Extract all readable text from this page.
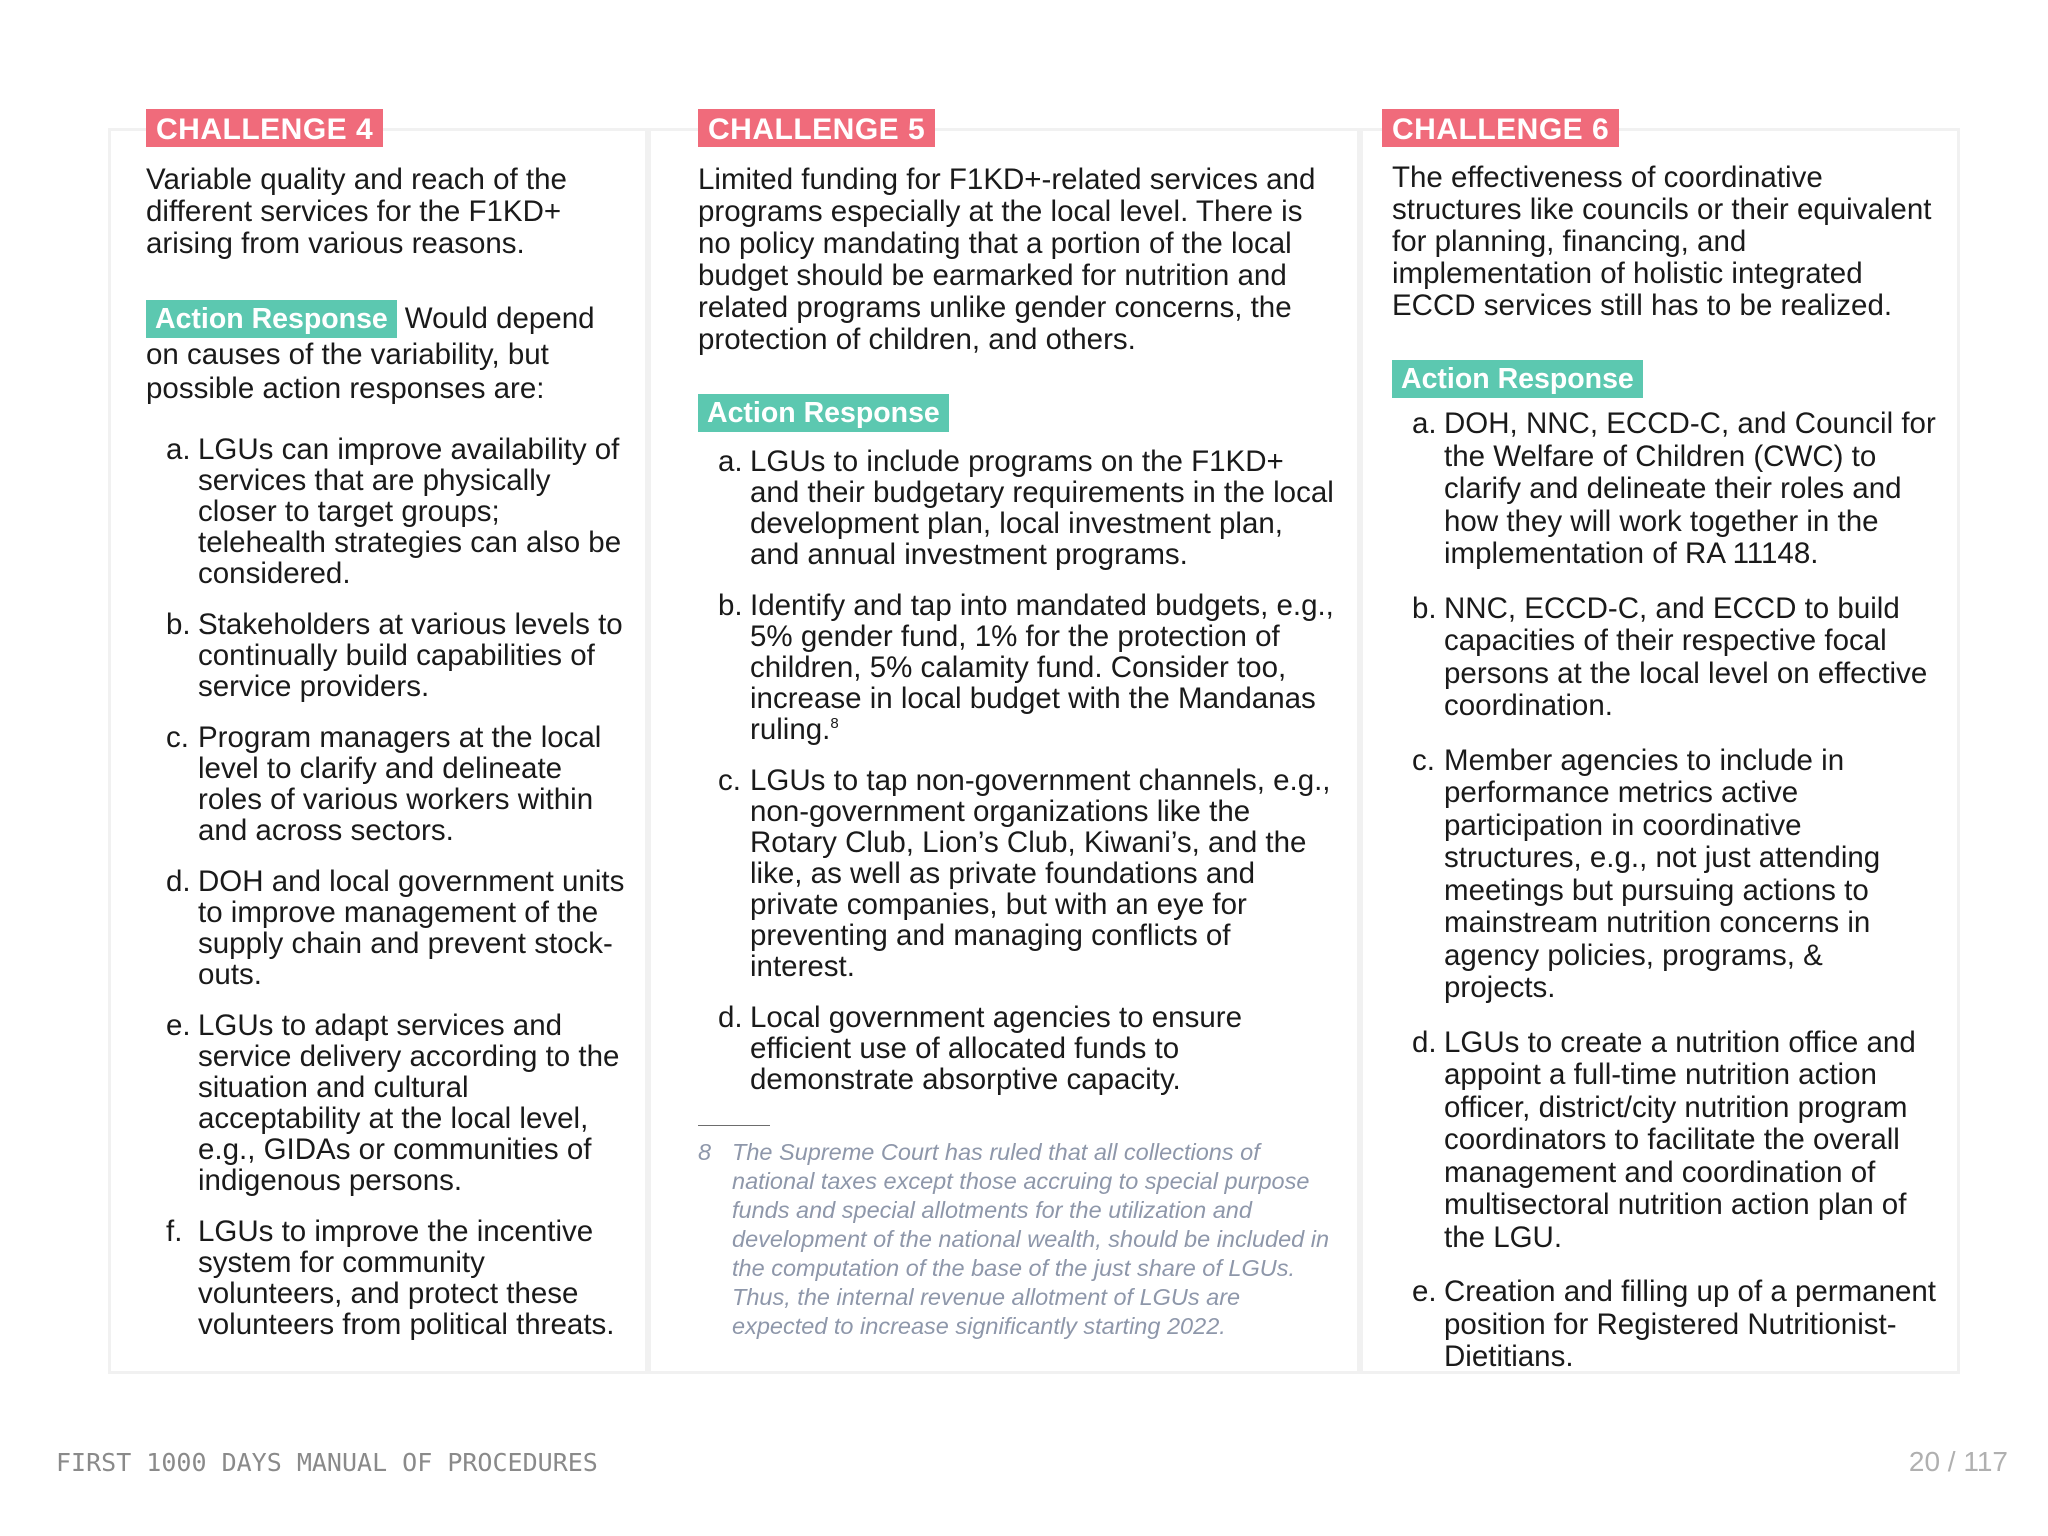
CHALLENGE 4	CHALLENGE 5	CHALLENGE 6

Variable quality and reach of the different services for the F1KD+ arising from various reasons.

Action Response Would depend on causes of the variability, but possible action responses are:

a. LGUs can improve availability of services that are physically closer to target groups; telehealth strategies can also be considered.
b. Stakeholders at various levels to continually build capabilities of service providers.
c. Program managers at the local level to clarify and delineate roles of various workers within and across sectors.
d. DOH and local government units to improve management of the supply chain and prevent stock-outs.
e. LGUs to adapt services and service delivery according to the situation and cultural acceptability at the local level, e.g., GIDAs or communities of indigenous persons.
f. LGUs to improve the incentive system for community volunteers, and protect these volunteers from political threats.

Limited funding for F1KD+-related services and programs especially at the local level. There is no policy mandating that a portion of the local budget should be earmarked for nutrition and related programs unlike gender concerns, the protection of children, and others.

Action Response
a. LGUs to include programs on the F1KD+ and their budgetary requirements in the local development plan, local investment plan, and annual investment programs.
b. Identify and tap into mandated budgets, e.g., 5% gender fund, 1% for the protection of children, 5% calamity fund. Consider too, increase in local budget with the Mandanas ruling.$^8$
c. LGUs to tap non-government channels, e.g., non-government organizations like the Rotary Club, Lion’s Club, Kiwani’s, and the like, as well as private foundations and private companies, but with an eye for preventing and managing conflicts of interest.
d. Local government agencies to ensure efficient use of allocated funds to demonstrate absorptive capacity.
8 The Supreme Court has ruled that all collections of national taxes except those accruing to special purpose funds and special allotments for the utilization and development of the national wealth, should be included in the computation of the base of the just share of LGUs. Thus, the internal revenue allotment of LGUs are expected to increase significantly starting 2022.

The effectiveness of coordinative structures like councils or their equivalent for planning, financing, and implementation of holistic integrated ECCD services still has to be realized.

Action Response
a. DOH, NNC, ECCD-C, and Council for the Welfare of Children (CWC) to clarify and delineate their roles and how they will work together in the implementation of RA 11148.
b. NNC, ECCD-C, and ECCD to build capacities of their respective focal persons at the local level on effective coordination.
c. Member agencies to include in performance metrics active participation in coordinative structures, e.g., not just attending meetings but pursuing actions to mainstream nutrition concerns in agency policies, programs, & projects.
d. LGUs to create a nutrition office and appoint a full-time nutrition action officer, district/city nutrition program coordinators to facilitate the overall management and coordination of multisectoral nutrition action plan of the LGU.
e. Creation and filling up of a permanent position for Registered Nutritionist-Dietitians.
FIRST 1000 DAYS MANUAL OF PROCEDURES	20 / 117
